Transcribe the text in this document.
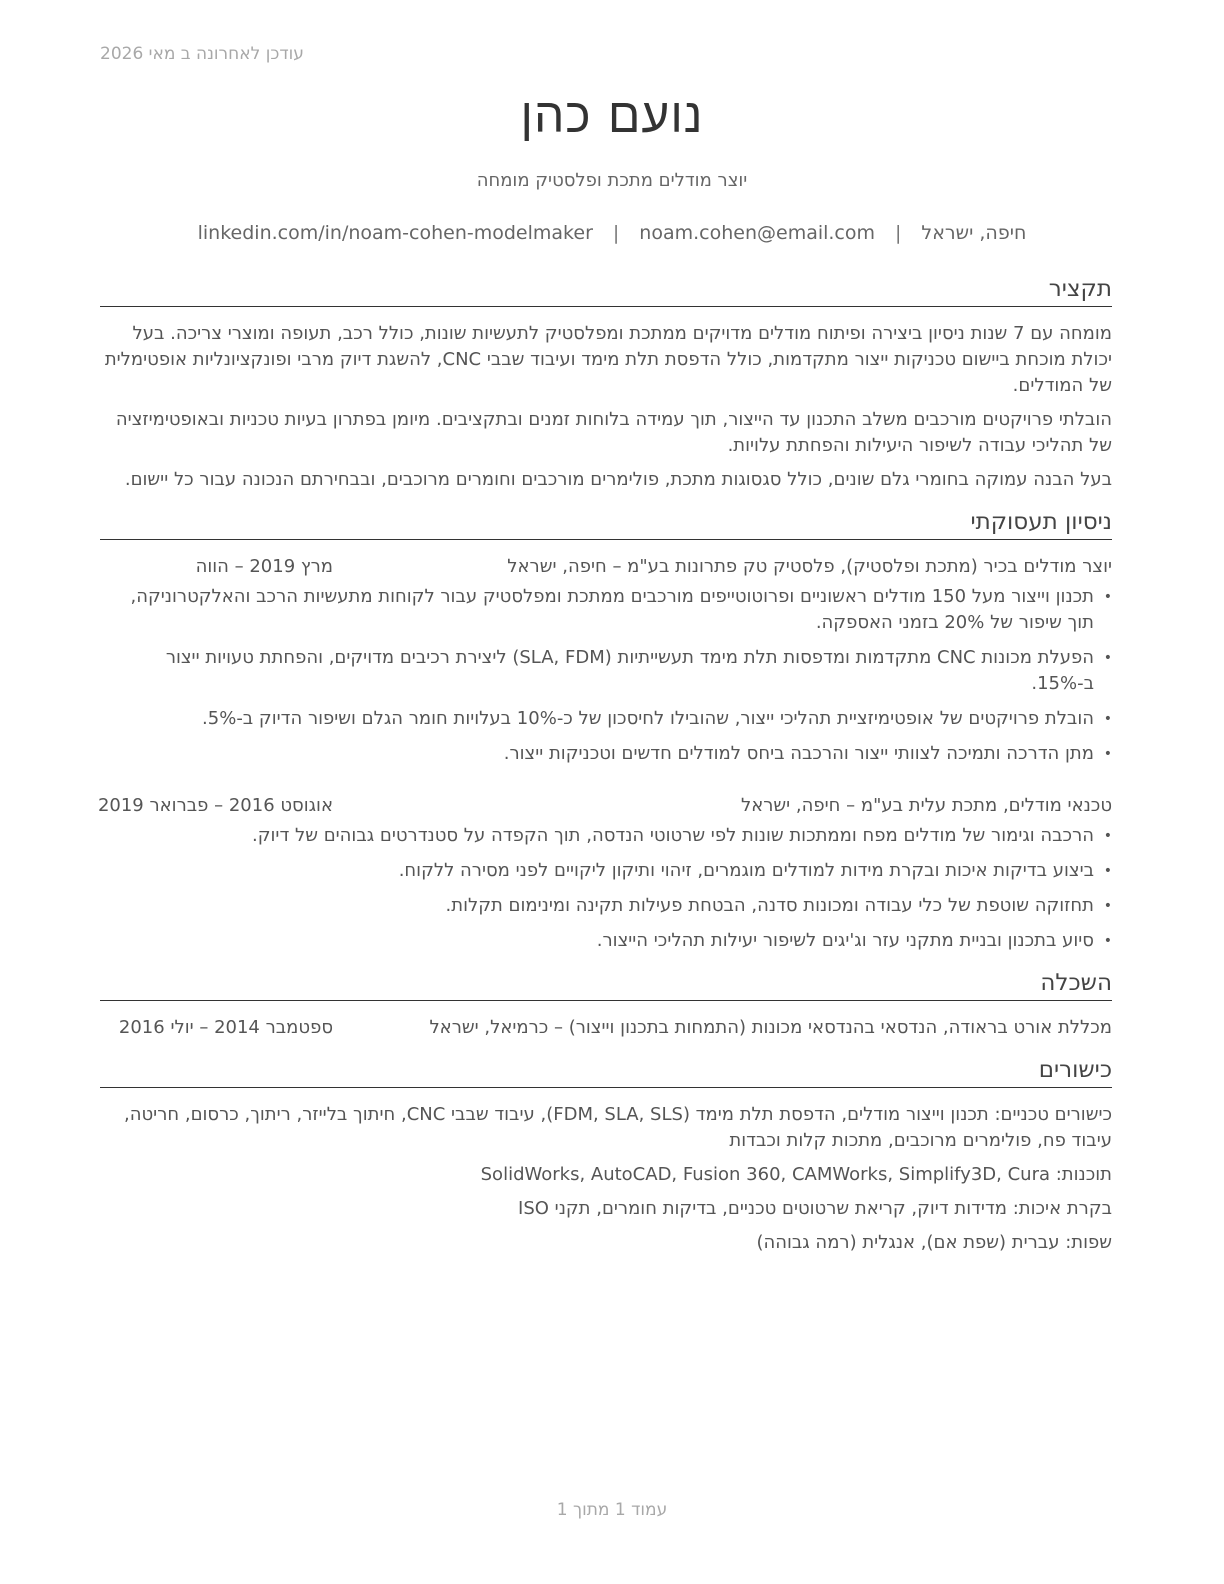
עודכן לאחרונה ב מאי 2026
נועם כהן
יוצר מודלים מתכת ופלסטיק מומחה
חיפה, ישראל
|
noam.cohen@email.com
|
linkedin.com/in/noam-cohen-modelmaker
תקציר

מומחה עם 7 שנות ניסיון ביצירה ופיתוח מודלים מדויקים ממתכת ומפלסטיק לתעשיות שונות, כולל רכב, תעופה ומוצרי צריכה. בעל יכולת מוכחת ביישום טכניקות ייצור מתקדמות, כולל הדפסת תלת מימד ועיבוד שבבי CNC, להשגת דיוק מרבי ופונקציונליות אופטימלית של המודלים.

הובלתי פרויקטים מורכבים משלב התכנון עד הייצור, תוך עמידה בלוחות זמנים ובתקציבים. מיומן בפתרון בעיות טכניות ובאופטימיזציה של תהליכי עבודה לשיפור היעילות והפחתת עלויות.

בעל הבנה עמוקה בחומרי גלם שונים, כולל סגסוגות מתכת, פולימרים מורכבים וחומרים מרוכבים, ובבחירתם הנכונה עבור כל יישום.

ניסיון תעסוקתי
יוצר מודלים בכיר (מתכת ופלסטיק), פלסטיק טק פתרונות בע"מ – חיפה, ישראל
מרץ 2019 – הווה
• תכנון וייצור מעל 150 מודלים ראשוניים ופרוטוטייפים מורכבים ממתכת ומפלסטיק עבור לקוחות מתעשיות הרכב והאלקטרוניקה, תוך שיפור של 20% בזמני האספקה.
• הפעלת מכונות CNC מתקדמות ומדפסות תלת מימד תעשייתיות (SLA, FDM) ליצירת רכיבים מדויקים, והפחתת טעויות ייצור ב-15%.
• הובלת פרויקטים של אופטימיזציית תהליכי ייצור, שהובילו לחיסכון של כ-10% בעלויות חומר הגלם ושיפור הדיוק ב-5%.
• מתן הדרכה ותמיכה לצוותי ייצור והרכבה ביחס למודלים חדשים וטכניקות ייצור.
טכנאי מודלים, מתכת עלית בע"מ – חיפה, ישראל
אוגוסט 2016 – פברואר 2019
• הרכבה וגימור של מודלים מפח וממתכות שונות לפי שרטוטי הנדסה, תוך הקפדה על סטנדרטים גבוהים של דיוק.
• ביצוע בדיקות איכות ובקרת מידות למודלים מוגמרים, זיהוי ותיקון ליקויים לפני מסירה ללקוח.
• תחזוקה שוטפת של כלי עבודה ומכונות סדנה, הבטחת פעילות תקינה ומינימום תקלות.
• סיוע בתכנון ובניית מתקני עזר וג'יגים לשיפור יעילות תהליכי הייצור.
השכלה
מכללת אורט בראודה, הנדסאי בהנדסאי מכונות (התמחות בתכנון וייצור) – כרמיאל, ישראל
ספטמבר 2014 – יולי 2016
כישורים

כישורים טכניים: תכנון וייצור מודלים, הדפסת תלת מימד (FDM, SLA, SLS), עיבוד שבבי CNC, חיתוך בלייזר, ריתוך, כרסום, חריטה, עיבוד פח, פולימרים מרוכבים, מתכות קלות וכבדות

תוכנות: SolidWorks, AutoCAD, Fusion 360, CAMWorks, Simplify3D, Cura

בקרת איכות: מדידות דיוק, קריאת שרטוטים טכניים, בדיקות חומרים, תקני ISO

שפות: עברית (שפת אם), אנגלית (רמה גבוהה)

עמוד 1 מתוך 1
